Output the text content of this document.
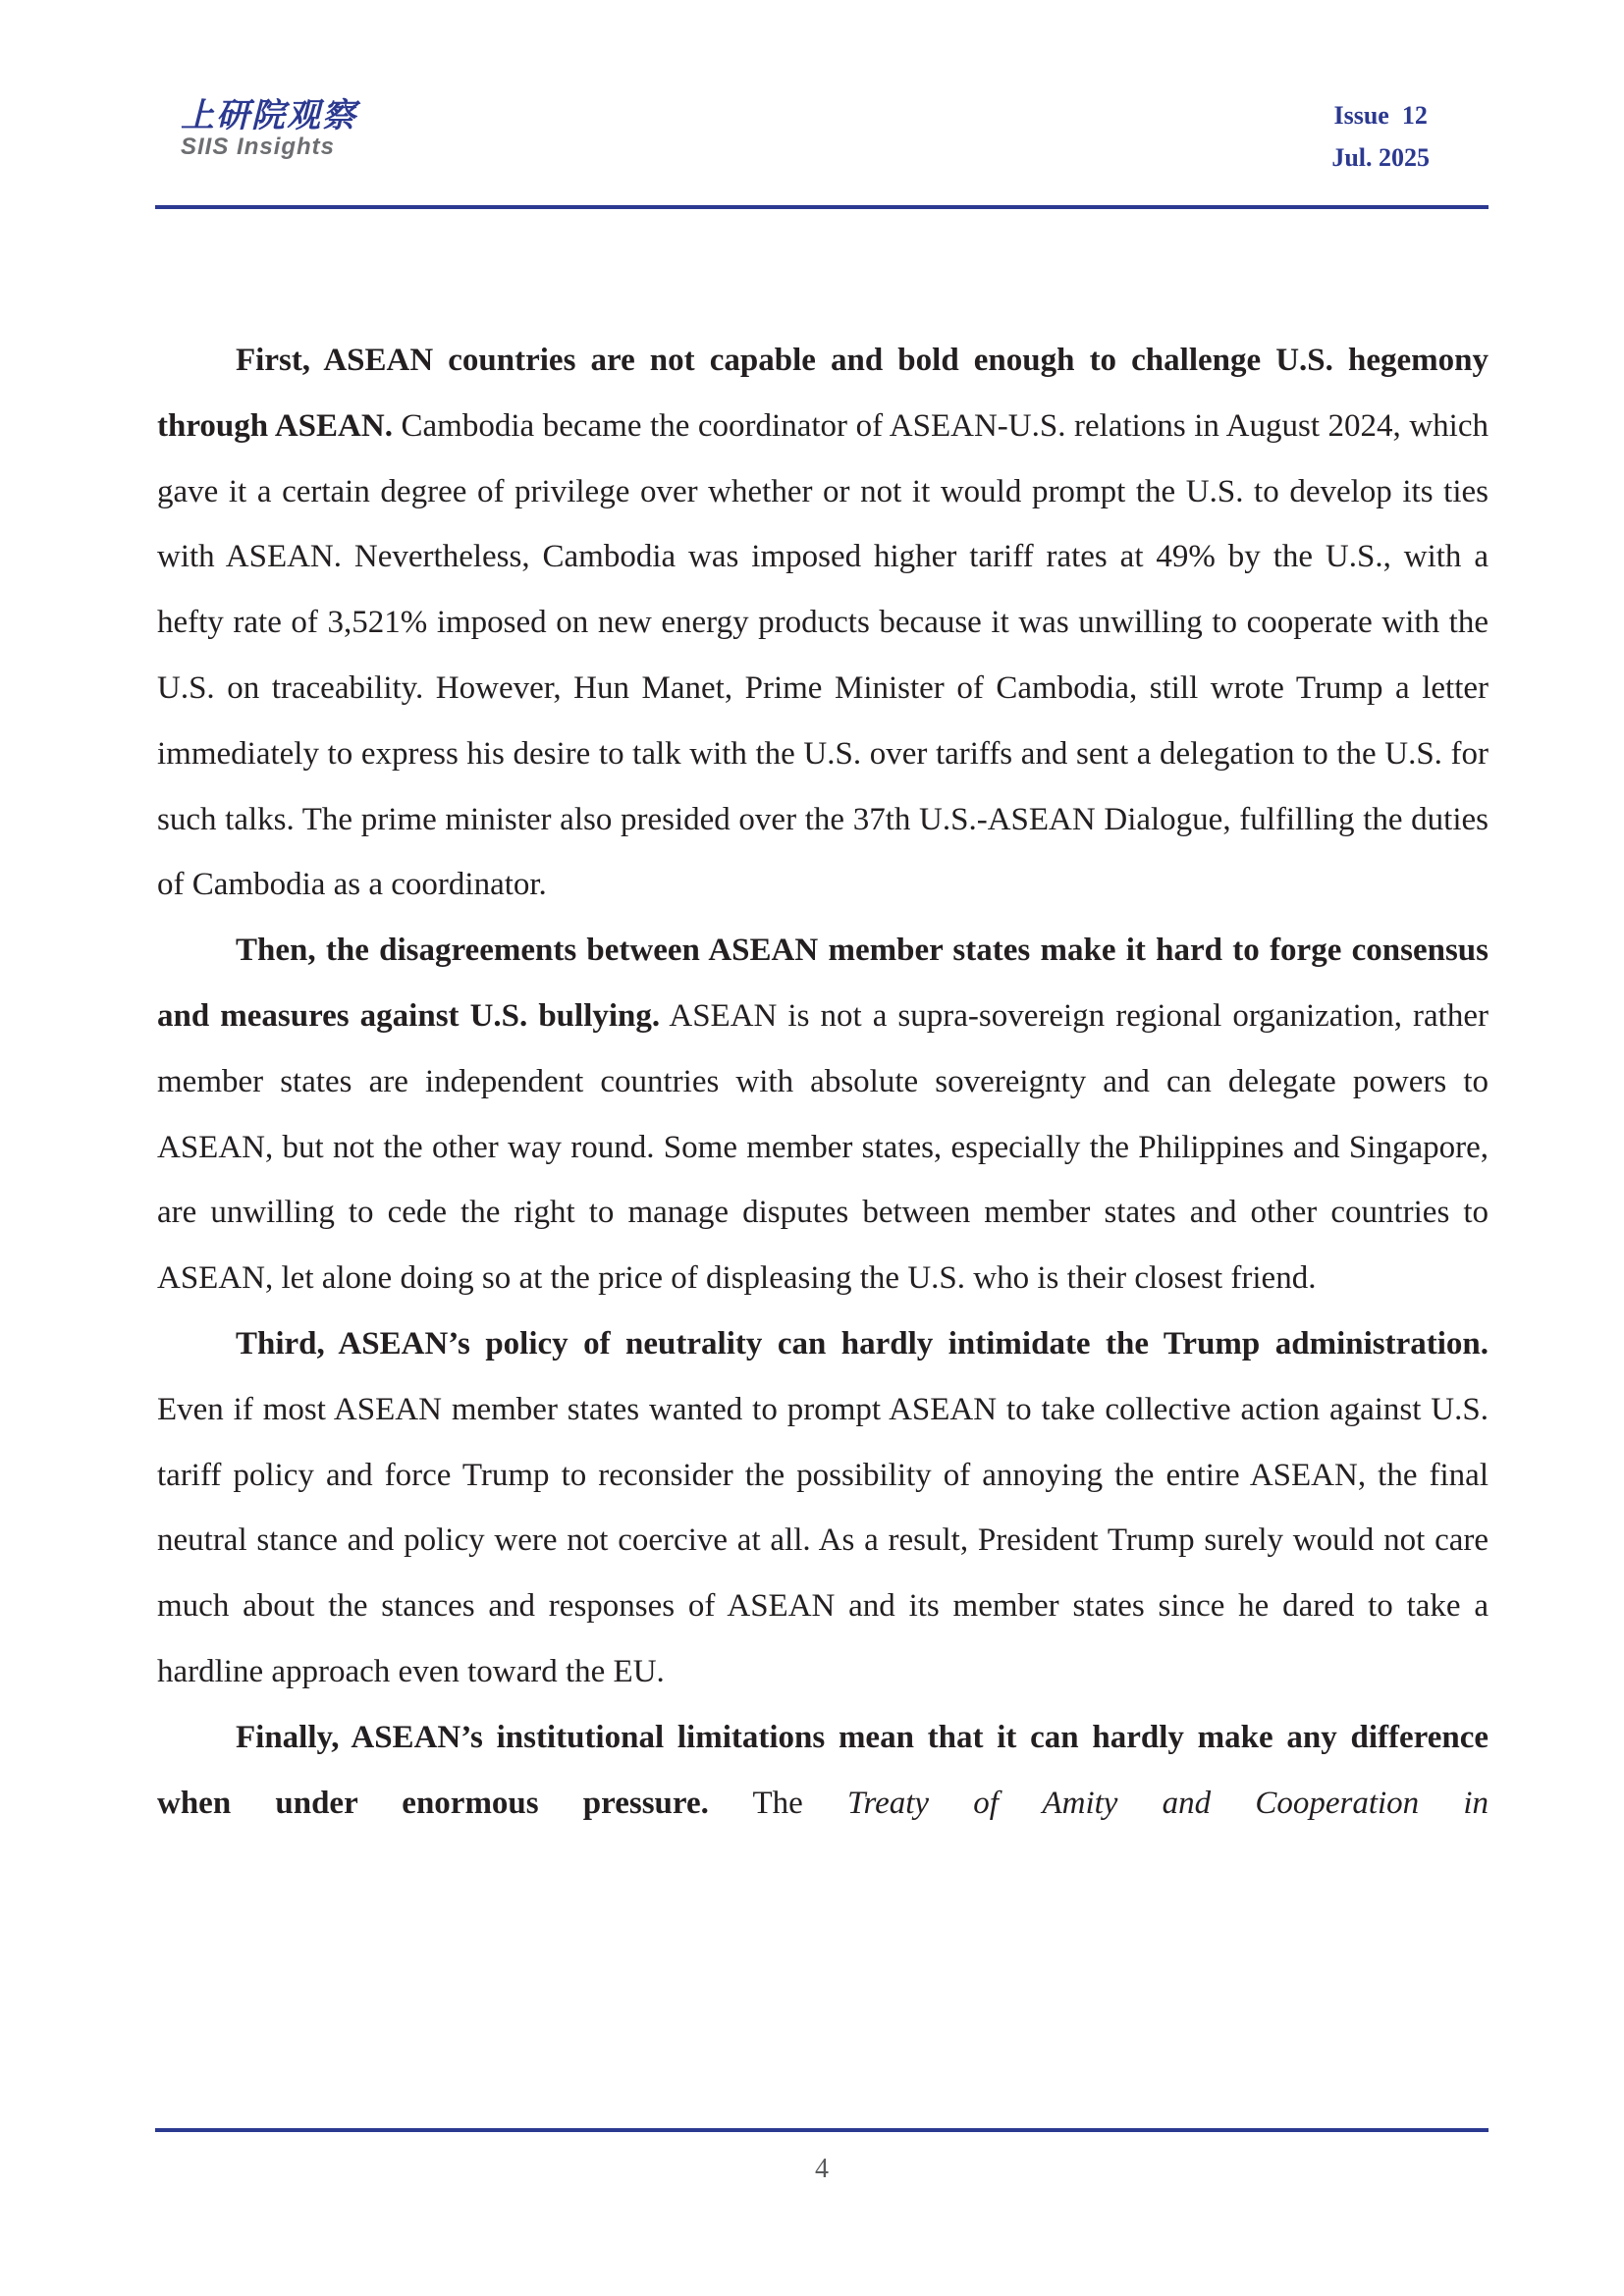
上研院观察
SIIS Insights
Issue  12
Jul. 2025

First, ASEAN countries are not capable and bold enough to challenge U.S. hegemony through ASEAN. Cambodia became the coordinator of ASEAN-U.S. relations in August 2024, which gave it a certain degree of privilege over whether or not it would prompt the U.S. to develop its ties with ASEAN. Nevertheless, Cambodia was imposed higher tariff rates at 49% by the U.S., with a hefty rate of 3,521% imposed on new energy products because it was unwilling to cooperate with the U.S. on traceability. However, Hun Manet, Prime Minister of Cambodia, still wrote Trump a letter immediately to express his desire to talk with the U.S. over tariffs and sent a delegation to the U.S. for such talks. The prime minister also presided over the 37th U.S.-ASEAN Dialogue, fulfilling the duties of Cambodia as a coordinator.

Then, the disagreements between ASEAN member states make it hard to forge consensus and measures against U.S. bullying. ASEAN is not a supra-sovereign regional organization, rather member states are independent countries with absolute sovereignty and can delegate powers to ASEAN, but not the other way round. Some member states, especially the Philippines and Singapore, are unwilling to cede the right to manage disputes between member states and other countries to ASEAN, let alone doing so at the price of displeasing the U.S. who is their closest friend.

Third, ASEAN’s policy of neutrality can hardly intimidate the Trump administration. Even if most ASEAN member states wanted to prompt ASEAN to take collective action against U.S. tariff policy and force Trump to reconsider the possibility of annoying the entire ASEAN, the final neutral stance and policy were not coercive at all. As a result, President Trump surely would not care much about the stances and responses of ASEAN and its member states since he dared to take a hardline approach even toward the EU.

Finally, ASEAN’s institutional limitations mean that it can hardly make any difference when under enormous pressure. The Treaty of Amity and Cooperation in

4
